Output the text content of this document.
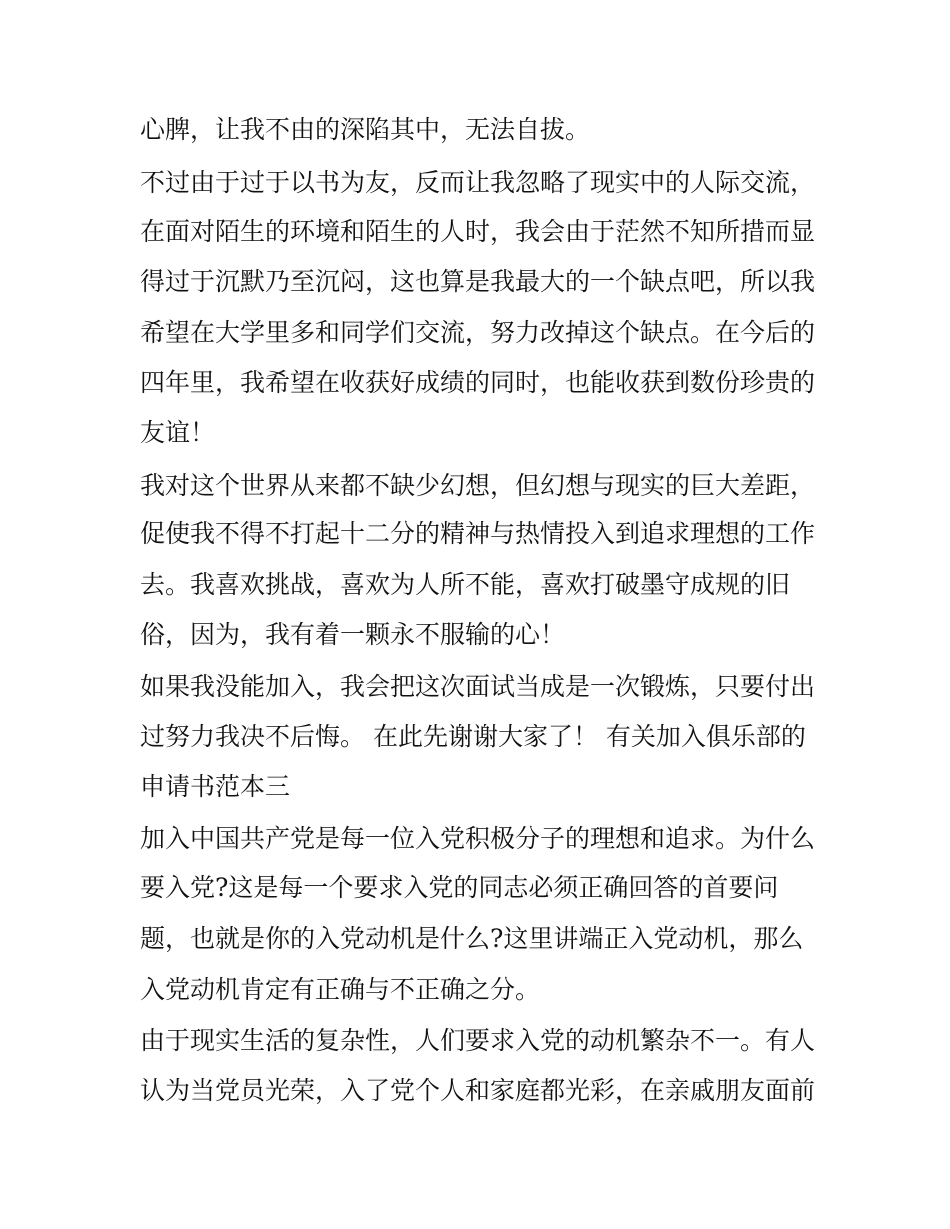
心脾，让我不由的深陷其中，无法自拔。
不过由于过于以书为友，反而让我忽略了现实中的人际交流，
在面对陌生的环境和陌生的人时，我会由于茫然不知所措而显
得过于沉默乃至沉闷，这也算是我最大的一个缺点吧，所以我
希望在大学里多和同学们交流，努力改掉这个缺点。在今后的
四年里，我希望在收获好成绩的同时，也能收获到数份珍贵的
友谊！
我对这个世界从来都不缺少幻想，但幻想与现实的巨大差距，
促使我不得不打起十二分的精神与热情投入到追求理想的工作
去。我喜欢挑战，喜欢为人所不能，喜欢打破墨守成规的旧
俗，因为，我有着一颗永不服输的心！
如果我没能加入，我会把这次面试当成是一次锻炼，只要付出
过努力我决不后悔。 在此先谢谢大家了！ 有关加入俱乐部的
申请书范本三
加入中国共产党是每一位入党积极分子的理想和追求。为什么
要入党?这是每一个要求入党的同志必须正确回答的首要问
题，也就是你的入党动机是什么?这里讲端正入党动机，那么
入党动机肯定有正确与不正确之分。
由于现实生活的复杂性，人们要求入党的动机繁杂不一。有人
认为当党员光荣，入了党个人和家庭都光彩，在亲戚朋友面前
